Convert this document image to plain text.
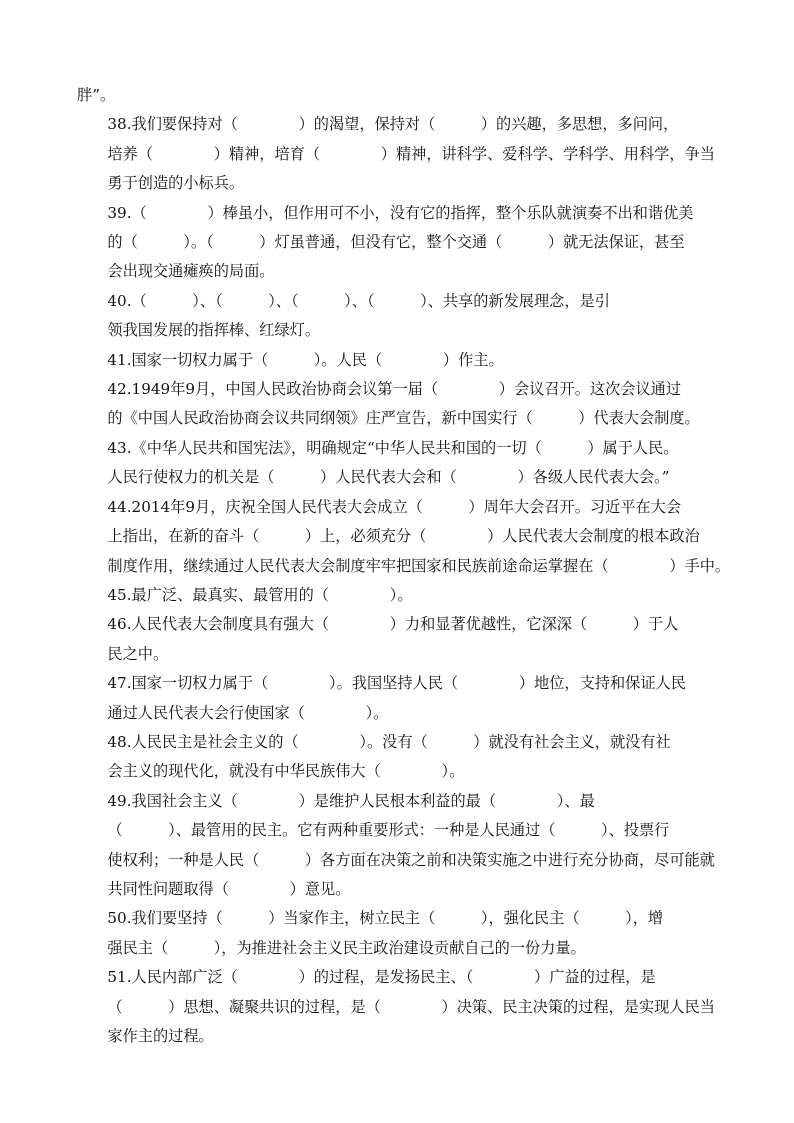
胖”。

38.我们要保持对（　　　　）的渴望，保持对（　　　）的兴趣，多思想，多问问，
培养（　　　　）精神，培育（　　　　）精神，讲科学、爱科学、学科学、用科学，争当
勇于创造的小标兵。

39.（　　　　）棒虽小，但作用可不小，没有它的指挥，整个乐队就演奏不出和谐优美
的（　　　）。（　　　）灯虽普通，但没有它，整个交通（　　　）就无法保证，甚至
会出现交通瘫痪的局面。

40.（　　　）、（　　　）、（　　　）、（　　　）、共享的新发展理念，是引
领我国发展的指挥棒、红绿灯。

41.国家一切权力属于（　　　）。人民（　　　　）作主。

42.1949年9月，中国人民政治协商会议第一届（　　　　）会议召开。这次会议通过
的《中国人民政治协商会议共同纲领》庄严宣告，新中国实行（　　　）代表大会制度。

43.《中华人民共和国宪法》，明确规定“中华人民共和国的一切（　　　）属于人民。
人民行使权力的机关是（　　　）人民代表大会和（　　　　）各级人民代表大会。”

44.2014年9月，庆祝全国人民代表大会成立（　　　）周年大会召开。习近平在大会
上指出，在新的奋斗（　　　）上，必须充分（　　　　）人民代表大会制度的根本政治
制度作用，继续通过人民代表大会制度牢牢把国家和民族前途命运掌握在（　　　　）手中。

45.最广泛、最真实、最管用的（　　　　）。

46.人民代表大会制度具有强大（　　　　）力和显著优越性，它深深（　　　）于人
民之中。

47.国家一切权力属于（　　　　）。我国坚持人民（　　　　）地位，支持和保证人民
通过人民代表大会行使国家（　　　　）。

48.人民民主是社会主义的（　　　　）。没有（　　　）就没有社会主义，就没有社
会主义的现代化，就没有中华民族伟大（　　　　）。

49.我国社会主义（　　　　）是维护人民根本利益的最（　　　　）、最
（　　　）、最管用的民主。它有两种重要形式：一种是人民通过（　　　）、投票行
使权利；一种是人民（　　　）各方面在决策之前和决策实施之中进行充分协商，尽可能就
共同性问题取得（　　　　）意见。

50.我们要坚持（　　　）当家作主，树立民主（　　　），强化民主（　　　），增
强民主（　　　），为推进社会主义民主政治建设贡献自己的一份力量。

51.人民内部广泛（　　　　）的过程，是发扬民主、（　　　　）广益的过程，是
（　　　）思想、凝聚共识的过程，是（　　　　）决策、民主决策的过程，是实现人民当
家作主的过程。
